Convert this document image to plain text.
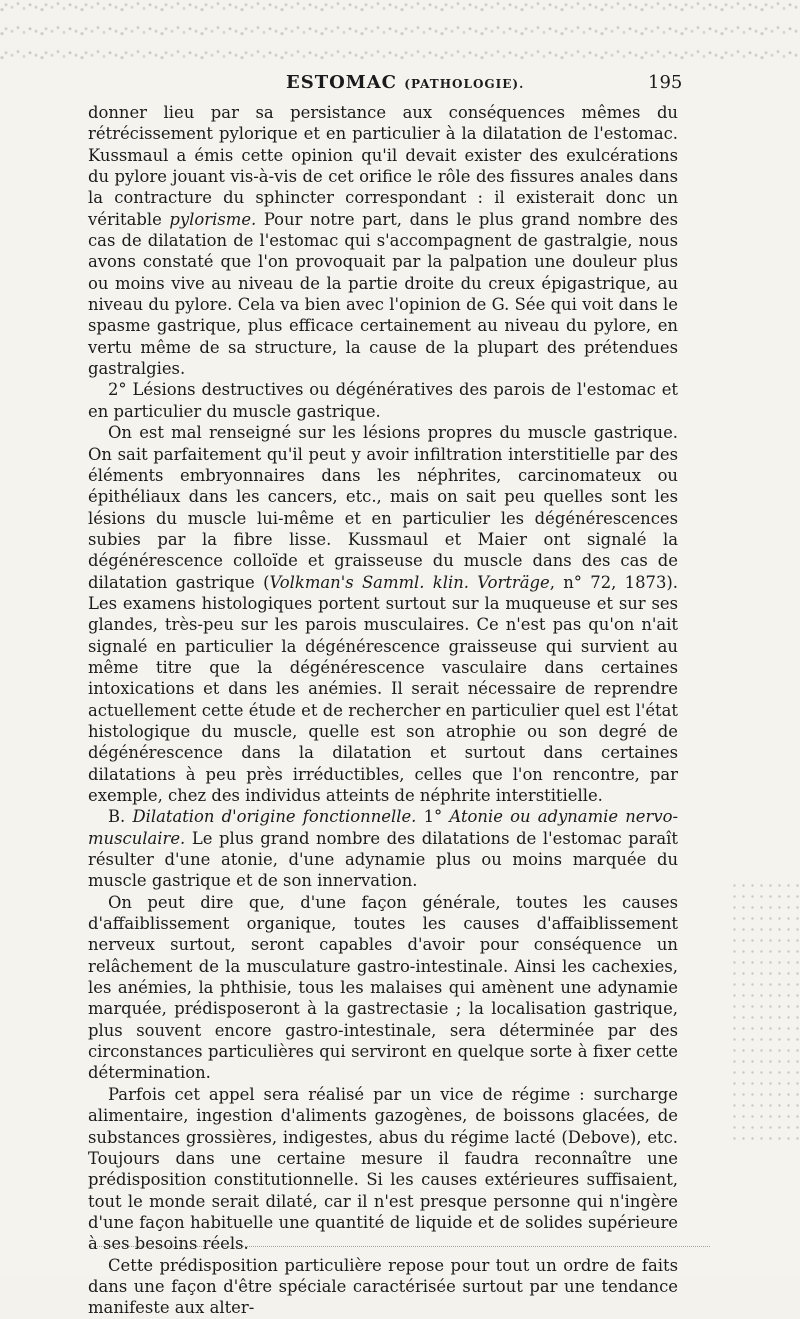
ESTOMAC (PATHOLOGIE).	195

donner lieu par sa persistance aux conséquences mêmes du rétrécissement pylorique et en particulier à la dilatation de l'estomac. Kussmaul a émis cette opinion qu'il devait exister des exulcérations du pylore jouant vis-à-vis de cet orifice le rôle des fissures anales dans la contracture du sphincter correspondant : il existerait donc un véritable pylorisme. Pour notre part, dans le plus grand nombre des cas de dilatation de l'estomac qui s'accompagnent de gastralgie, nous avons constaté que l'on provoquait par la palpation une douleur plus ou moins vive au niveau de la partie droite du creux épigastrique, au niveau du pylore. Cela va bien avec l'opinion de G. Sée qui voit dans le spasme gastrique, plus efficace certainement au niveau du pylore, en vertu même de sa structure, la cause de la plupart des prétendues gastralgies.

2° Lésions destructives ou dégénératives des parois de l'estomac et en particulier du muscle gastrique.

On est mal renseigné sur les lésions propres du muscle gastrique. On sait parfaitement qu'il peut y avoir infiltration interstitielle par des éléments embryonnaires dans les néphrites, carcinomateux ou épithéliaux dans les cancers, etc., mais on sait peu quelles sont les lésions du muscle lui-même et en particulier les dégénérescences subies par la fibre lisse. Kussmaul et Maier ont signalé la dégénérescence colloïde et graisseuse du muscle dans des cas de dilatation gastrique (Volkman's Samml. klin. Vorträge, n° 72, 1873). Les examens histologiques portent surtout sur la muqueuse et sur ses glandes, très-peu sur les parois musculaires. Ce n'est pas qu'on n'ait signalé en particulier la dégénérescence graisseuse qui survient au même titre que la dégénérescence vasculaire dans certaines intoxications et dans les anémies. Il serait nécessaire de reprendre actuellement cette étude et de rechercher en particulier quel est l'état histologique du muscle, quelle est son atrophie ou son degré de dégénérescence dans la dilatation et surtout dans certaines dilatations à peu près irréductibles, celles que l'on rencontre, par exemple, chez des individus atteints de néphrite interstitielle.

B. Dilatation d'origine fonctionnelle. 1° Atonie ou adynamie nervo-musculaire. Le plus grand nombre des dilatations de l'estomac paraît résulter d'une atonie, d'une adynamie plus ou moins marquée du muscle gastrique et de son innervation.

On peut dire que, d'une façon générale, toutes les causes d'affaiblissement organique, toutes les causes d'affaiblissement nerveux surtout, seront capables d'avoir pour conséquence un relâchement de la musculature gastro-intestinale. Ainsi les cachexies, les anémies, la phthisie, tous les malaises qui amènent une adynamie marquée, prédisposeront à la gastrectasie ; la localisation gastrique, plus souvent encore gastro-intestinale, sera déterminée par des circonstances particulières qui serviront en quelque sorte à fixer cette détermination.

Parfois cet appel sera réalisé par un vice de régime : surcharge alimentaire, ingestion d'aliments gazogènes, de boissons glacées, de substances grossières, indigestes, abus du régime lacté (Debove), etc. Toujours dans une certaine mesure il faudra reconnaître une prédisposition constitutionnelle. Si les causes extérieures suffisaient, tout le monde serait dilaté, car il n'est presque personne qui n'ingère d'une façon habituelle une quantité de liquide et de solides supérieure à ses besoins réels.

Cette prédisposition particulière repose pour tout un ordre de faits dans une façon d'être spéciale caractérisée surtout par une tendance manifeste aux alter-
